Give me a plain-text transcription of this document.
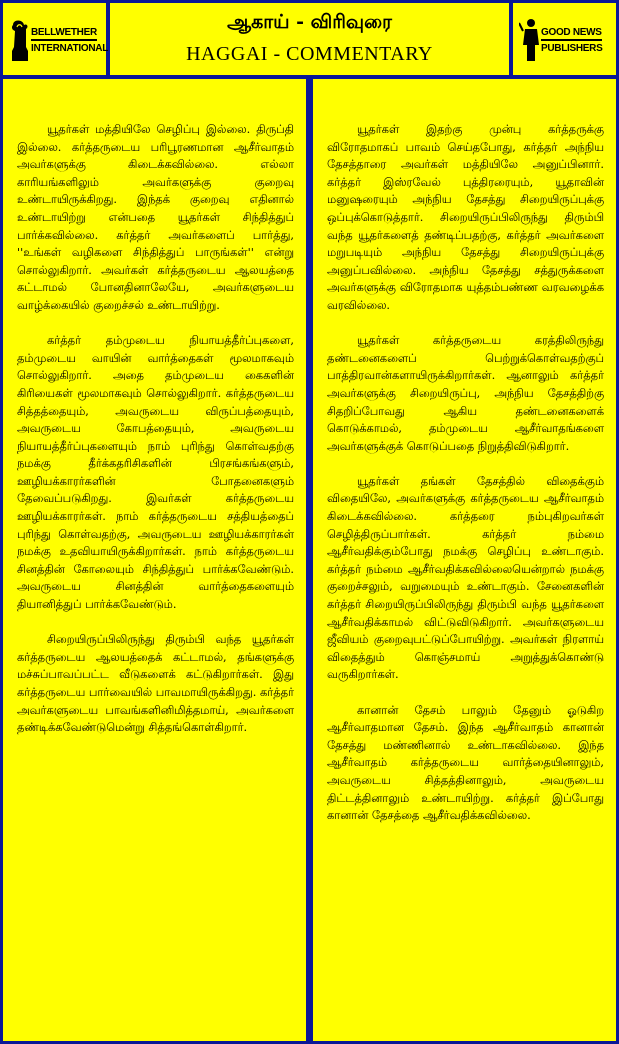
BELLWETHER
INTERNATIONAL
ஆகாய் - விரிவுரை
HAGGAI - COMMENTARY
GOOD NEWS
PUBLISHERS

யூதர்கள் மத்தியிலே செழிப்பு இல்லை. திருப்தி இல்லை. கர்த்தருடைய பரிபூரணமான ஆசீர்வாதம் அவர்களுக்கு கிடைக்கவில்லை. எல்லா காரியங்களிலும் அவர்களுக்கு குறைவு உண்டாயிருக்கிறது. இந்தக் குறைவு எதினால் உண்டாயிற்று என்பதை யூதர்கள் சிந்தித்துப் பார்க்கவில்லை. கர்த்தர் அவர்களைப் பார்த்து, ''உங்கள் வழிகளை சிந்தித்துப் பாருங்கள்'' என்று சொல்லுகிறார். அவர்கள் கர்த்தருடைய ஆலயத்தை கட்டாமல் போனதினாலேயே, அவர்களுடைய வாழ்க்கையில் குறைச்சல் உண்டாயிற்று.

கர்த்தர் தம்முடைய நியாயத்தீர்ப்புகளை, தம்முடைய வாயின் வார்த்தைகள் மூலமாகவும் சொல்லுகிறார். அதை தம்முடைய கைகளின் கிரியைகள் மூலமாகவும் சொல்லுகிறார். கர்த்தருடைய சித்தத்தையும், அவருடைய விருப்பத்தையும், அவருடைய கோபத்தையும், அவருடைய நியாயத்தீர்ப்புகளையும் நாம் புரிந்து கொள்வதற்கு நமக்கு தீர்க்கதரிசிகளின் பிரசங்கங்களும், ஊழியக்காரர்களின் போதனைகளும் தேவைப்படுகிறது. இவர்கள் கர்த்தருடைய ஊழியக்காரர்கள். நாம் கர்த்தருடைய சத்தியத்தைப் புரிந்து கொள்வதற்கு, அவருடைய ஊழியக்காரர்கள் நமக்கு உதவியாயிருக்கிறார்கள். நாம் கர்த்தருடைய சினத்தின் கோலையும் சிந்தித்துப் பார்க்கவேண்டும். அவருடைய சினத்தின் வார்த்தைகளையும் தியானித்துப் பார்க்கவேண்டும்.

சிறையிருப்பிலிருந்து திரும்பி வந்த யூதர்கள் கர்த்தருடைய ஆலயத்தைக் கட்டாமல், தங்களுக்கு மச்சுப்பாவப்பட்ட வீடுகளைக் கட்டுகிறார்கள். இது கர்த்தருடைய பார்வையில் பாவமாயிருக்கிறது. கர்த்தர் அவர்களுடைய பாவங்களினிமித்தமாய், அவர்களை தண்டிக்கவேண்டுமென்று சித்தங்கொள்கிறார்.

யூதர்கள் இதற்கு முன்பு கர்த்தருக்கு விரோதமாகப் பாவம் செய்தபோது, கர்த்தர் அந்நிய தேசத்தாரை அவர்கள் மத்தியிலே அனுப்பினார். கர்த்தர் இஸ்ரவேல் புத்திரரையும், யூதாவின் மனுஷரையும் அந்நிய தேசத்து சிறையிருப்புக்கு ஒப்புக்கொடுத்தார். சிறையிருப்பிலிருந்து திரும்பி வந்த யூதர்களைத் தண்டிப்பதற்கு, கர்த்தர் அவர்களை மறுபடியும் அந்நிய தேசத்து சிறையிருப்புக்கு அனுப்பவில்லை. அந்நிய தேசத்து சத்துருக்களை அவர்களுக்கு விரோதமாக யுத்தம்பண்ண வரவழைக்க வரவில்லை.

யூதர்கள் கர்த்தருடைய கரத்திலிருந்து தண்டனைகளைப் பெற்றுக்கொள்வதற்குப் பாத்திரவான்களாயிருக்கிறார்கள். ஆனாலும் கர்த்தர் அவர்களுக்கு சிறையிருப்பு, அந்நிய தேசத்திற்கு சிதறிப்போவது ஆகிய தண்டனைகளைக் கொடுக்காமல், தம்முடைய ஆசீர்வாதங்களை அவர்களுக்குக் கொடுப்பதை நிறுத்திவிடுகிறார்.

யூதர்கள் தங்கள் தேசத்தில் விதைக்கும் விதையிலே, அவர்களுக்கு கர்த்தருடைய ஆசீர்வாதம் கிடைக்கவில்லை. கர்த்தரை நம்புகிறவர்கள் செழித்திருப்பார்கள். கர்த்தர் நம்மை ஆசீர்வதிக்கும்போது நமக்கு செழிப்பு உண்டாகும். கர்த்தர் நம்மை ஆசீர்வதிக்கவில்லையென்றால் நமக்கு குறைச்சலும், வறுமையும் உண்டாகும். சேனைகளின் கர்த்தர் சிறையிருப்பிலிருந்து திரும்பி வந்த யூதர்களை ஆசீர்வதிக்காமல் விட்டுவிடுகிறார். அவர்களுடைய ஜீவியம் குறைவுபட்டுப்போயிற்று. அவர்கள் நிரளாய் விதைத்தும் கொஞ்சமாய் அறுத்துக்கொண்டு வருகிறார்கள்.

கானான் தேசம் பாலும் தேனும் ஓடுகிற ஆசீர்வாதமான தேசம். இந்த ஆசீர்வாதம் கானான் தேசத்து மண்ணினால் உண்டாகவில்லை. இந்த ஆசீர்வாதம் கர்த்தருடைய வார்த்தையினாலும், அவருடைய சித்தத்தினாலும், அவருடைய திட்டத்தினாலும் உண்டாயிற்று. கர்த்தர் இப்போது கானான் தேசத்தை ஆசீர்வதிக்கவில்லை.
